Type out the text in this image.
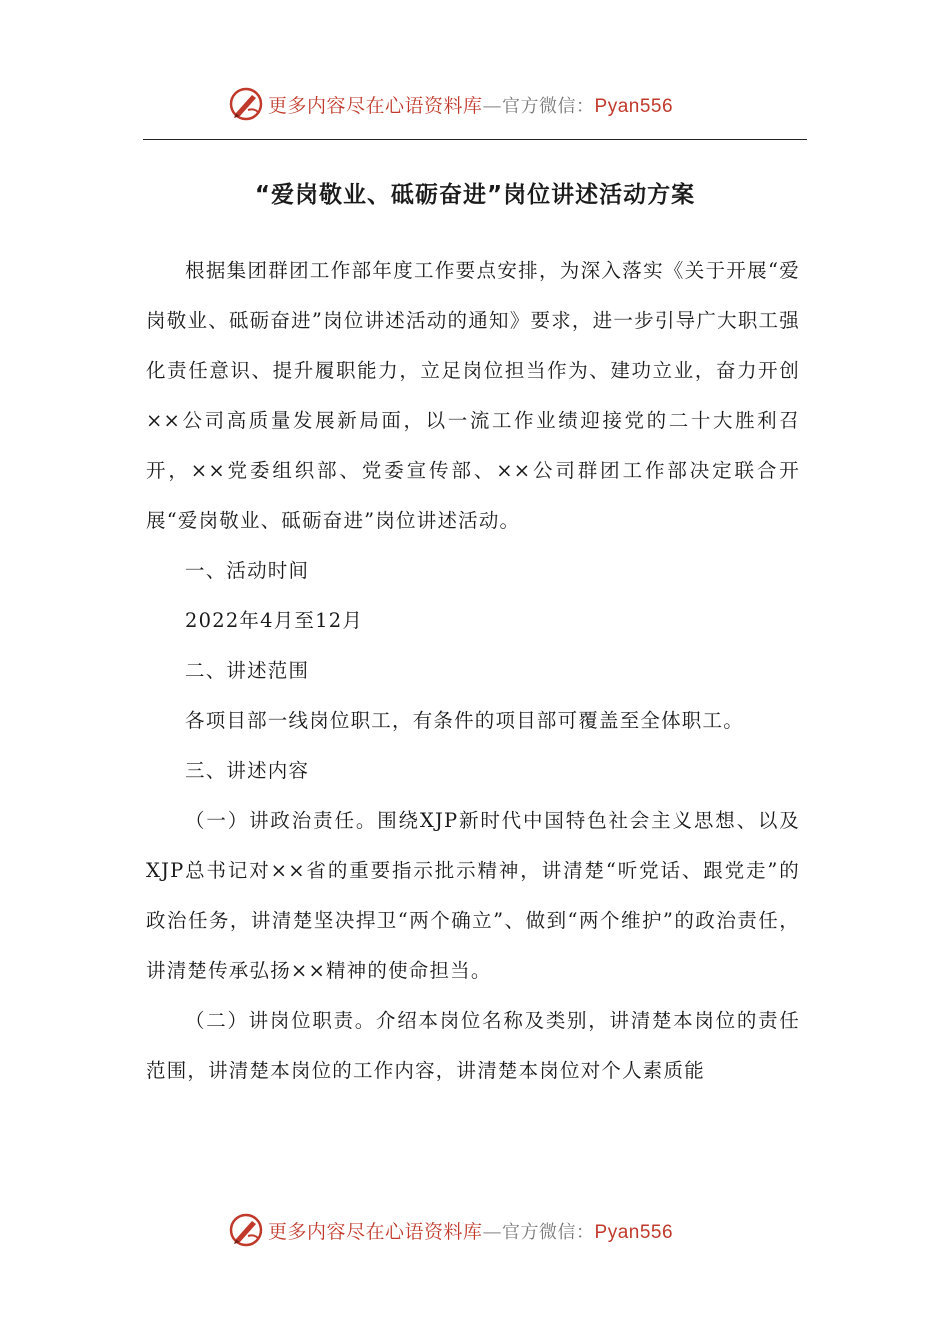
更多内容尽在心语资料库—官方微信：Pyan556
“爱岗敬业、砥砺奋进”岗位讲述活动方案

根据集团群团工作部年度工作要点安排，为深入落实《关于开展“爱岗敬业、砥砺奋进”岗位讲述活动的通知》要求，进一步引导广大职工强化责任意识、提升履职能力，立足岗位担当作为、建功立业，奋力开创××公司高质量发展新局面，以一流工作业绩迎接党的二十大胜利召开，××党委组织部、党委宣传部、××公司群团工作部决定联合开展“爱岗敬业、砥砺奋进”岗位讲述活动。

一、活动时间

2022年4月至12月

二、讲述范围

各项目部一线岗位职工，有条件的项目部可覆盖至全体职工。

三、讲述内容

（一）讲政治责任。围绕XJP新时代中国特色社会主义思想、以及XJP总书记对××省的重要指示批示精神，讲清楚“听党话、跟党走”的政治任务，讲清楚坚决捍卫“两个确立”、做到“两个维护”的政治责任，讲清楚传承弘扬××精神的使命担当。

（二）讲岗位职责。介绍本岗位名称及类别，讲清楚本岗位的责任范围，讲清楚本岗位的工作内容，讲清楚本岗位对个人素质能

更多内容尽在心语资料库—官方微信：Pyan556
